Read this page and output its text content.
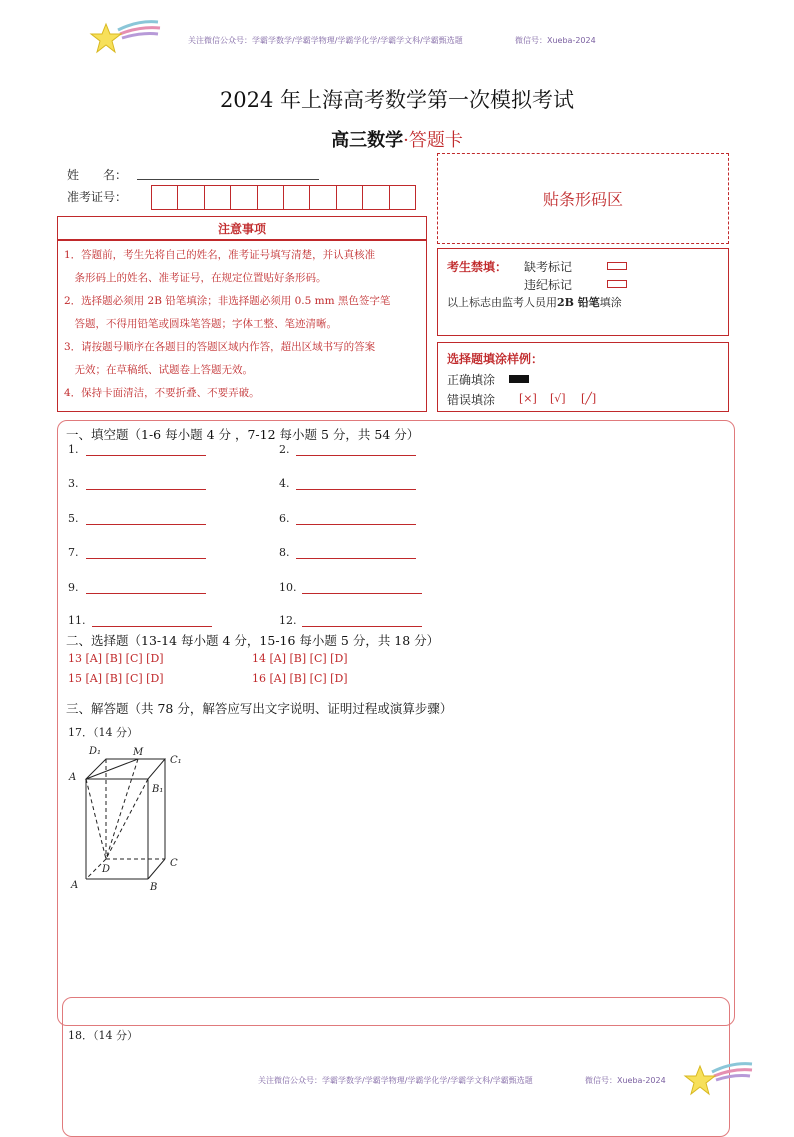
关注微信公众号：学霸学数学/学霸学物理/学霸学化学/学霸学文科/学霸甄选题	微信号：Xueba-2024
2024 年上海高考数学第一次模拟考试
高三数学·答题卡
姓　　名：
准考证号：	贴条形码区
注意事项

1．答题前，考生先将自己的姓名，准考证号填写清楚，并认真核准

　条形码上的姓名、准考证号，在规定位置贴好条形码。

2．选择题必须用 2B 铅笔填涂；非选择题必须用 0.5 mm 黑色签字笔

　答题，不得用铅笔或圆珠笔答题；字体工整、笔迹清晰。

3．请按题号顺序在各题目的答题区域内作答，超出区域书写的答案

　无效；在草稿纸、试题卷上答题无效。

4．保持卡面清洁，不要折叠、不要弄破。

考生禁填： 缺考标记
违纪标记
以上标志由监考人员用2B 铅笔填涂
选择题填涂样例：
正确填涂
错误填涂 [×] [√] [╱]
一、填空题（1-6 每小题 4 分 ，7-12 每小题 5 分，共 54 分）
1.	2.
3.	4.
5.	6.
7.	8.
9.	10.
11.	12.
二、选择题（13-14 每小题 4 分，15-16 每小题 5 分，共 18 分）
13 [A] [B] [C] [D]	14 [A] [B] [C] [D]
15 [A] [B] [C] [D]	16 [A] [B] [C] [D]
三、解答题（共 78 分，解答应写出文字说明、证明过程或演算步骤）
17．（14 分）
D₁	M
C₁
A
B₁
D
C
A	B
18．（14 分）
关注微信公众号：学霸学数学/学霸学物理/学霸学化学/学霸学文科/学霸甄选题	微信号：Xueba-2024
